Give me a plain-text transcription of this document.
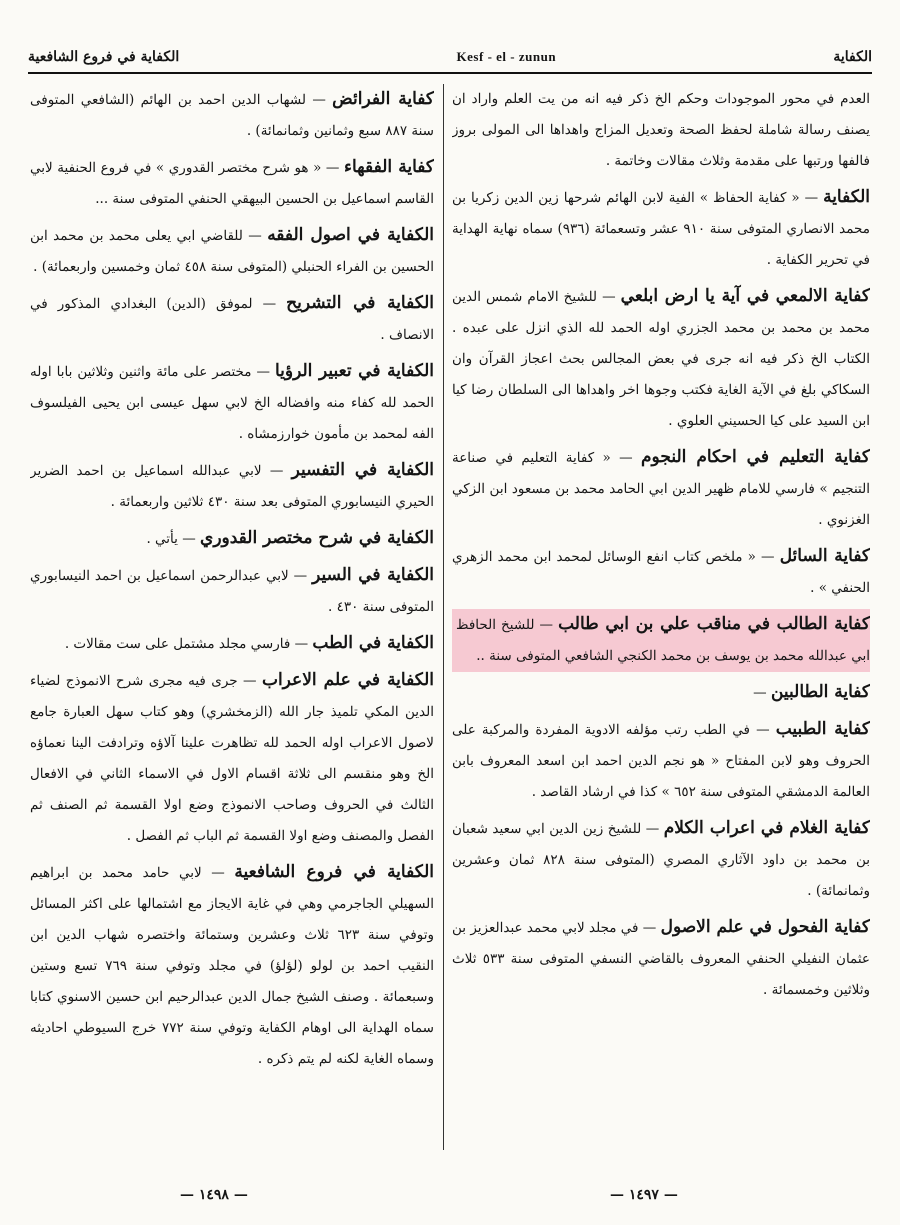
الكفاية في فروع الشافعية	Kesf - el - zunun	الكفاية

العدم في محور الموجودات وحكم الخ ذكر فيه انه من يت العلم واراد ان يصنف رسالة شاملة لحفظ الصحة وتعديل المزاج واهداها الى المولى بروز فالفها ورتبها على مقدمة وثلاث مقالات وخاتمة .

الكفاية — « كفاية الحفاظ » الفية لابن الهائم شرحها زين الدين زكريا بن محمد الانصاري المتوفى سنة ٩١٠ عشر وتسعمائة (٩٣٦) سماه نهاية الهداية في تحرير الكفاية .

كفاية الالمعي في آية يا ارض ابلعي — للشيخ الامام شمس الدين محمد بن محمد بن محمد الجزري اوله الحمد لله الذي انزل على عبده . الكتاب الخ ذكر فيه انه جرى في بعض المجالس بحث اعجاز القرآن وان السكاكي بلغ في الآية الغاية فكتب وجوها اخر واهداها الى السلطان رضا كيا ابن السيد على كيا الحسيني العلوي .

كفاية التعليم في احكام النجوم — « كفاية التعليم في صناعة التنجيم » فارسي للامام ظهير الدين ابي الحامد محمد بن مسعود ابن الزكي الغزنوي .

كفاية السائل — « ملخص كتاب انفع الوسائل لمحمد ابن محمد الزهري الحنفي » .

كفاية الطالب في مناقب علي بن ابي طالب — للشيخ الحافظ ابي عبدالله محمد بن يوسف بن محمد الكنجي الشافعي المتوفى سنة ..

كفاية الطالبين —

كفاية الطبيب — في الطب رتب مؤلفه الادوية المفردة والمركبة على الحروف وهو لابن المفتاح « هو نجم الدين احمد ابن اسعد المعروف بابن العالمة الدمشقي المتوفى سنة ٦٥٢ » كذا في ارشاد القاصد .

كفاية الغلام في اعراب الكلام — للشيخ زين الدين ابي سعيد شعبان بن محمد بن داود الآثاري المصري (المتوفى سنة ٨٢٨ ثمان وعشرين وثمانمائة) .

كفاية الفحول في علم الاصول — في مجلد لابي محمد عبدالعزيز بن عثمان النفيلي الحنفي المعروف بالقاضي النسفي المتوفى سنة ٥٣٣ ثلاث وثلاثين وخمسمائة .

كفاية الفرائض — لشهاب الدين احمد بن الهائم (الشافعي المتوفى سنة ٨٨٧ سبع وثمانين وثمانمائة) .

كفاية الفقهاء — « هو شرح مختصر القدوري » في فروع الحنفية لابي القاسم اسماعيل بن الحسين البيهقي الحنفي المتوفى سنة ...

الكفاية في اصول الفقه — للقاضي ابي يعلى محمد بن محمد ابن الحسين بن الفراء الحنبلي (المتوفى سنة ٤٥٨ ثمان وخمسين واربعمائة) .

الكفاية في التشريح — لموفق (الدين) البغدادي المذكور في الانصاف .

الكفاية في تعبير الرؤيا — مختصر على مائة واثنين وثلاثين بابا اوله الحمد لله كفاء منه وافضاله الخ لابي سهل عيسى ابن يحيى الفيلسوف الفه لمحمد بن مأمون خوارزمشاه .

الكفاية في التفسير — لابي عبدالله اسماعيل بن احمد الضرير الحيري النيسابوري المتوفى بعد سنة ٤٣٠ ثلاثين واربعمائة .

الكفاية في شرح مختصر القدوري — يأتي .

الكفاية في السير — لابي عبدالرحمن اسماعيل بن احمد النيسابوري المتوفى سنة ٤٣٠ .

الكفاية في الطب — فارسي مجلد مشتمل على ست مقالات .

الكفاية في علم الاعراب — جرى فيه مجرى شرح الانموذج لضياء الدين المكي تلميذ جار الله (الزمخشري) وهو كتاب سهل العبارة جامع لاصول الاعراب اوله الحمد لله تظاهرت علينا آلاؤه وترادفت الينا نعماؤه الخ وهو منقسم الى ثلاثة اقسام الاول في الاسماء الثاني في الافعال الثالث في الحروف وصاحب الانموذج وضع اولا القسمة ثم الصنف ثم الفصل والمصنف وضع اولا القسمة ثم الباب ثم الفصل .

الكفاية في فروع الشافعية — لابي حامد محمد بن ابراهيم السهيلي الجاجرمي وهي في غاية الايجاز مع اشتمالها على اكثر المسائل وتوفي سنة ٦٢٣ ثلاث وعشرين وستمائة واختصره شهاب الدين ابن النقيب احمد بن لولو (لؤلؤ) في مجلد وتوفي سنة ٧٦٩ تسع وستين وسبعمائة . وصنف الشيخ جمال الدين عبدالرحيم ابن حسين الاسنوي كتابا سماه الهداية الى اوهام الكفاية وتوفي سنة ٧٧٢ خرج السيوطي احاديثه وسماه الغاية لكنه لم يتم ذكره .

— ١٤٩٧ —
— ١٤٩٨ —
